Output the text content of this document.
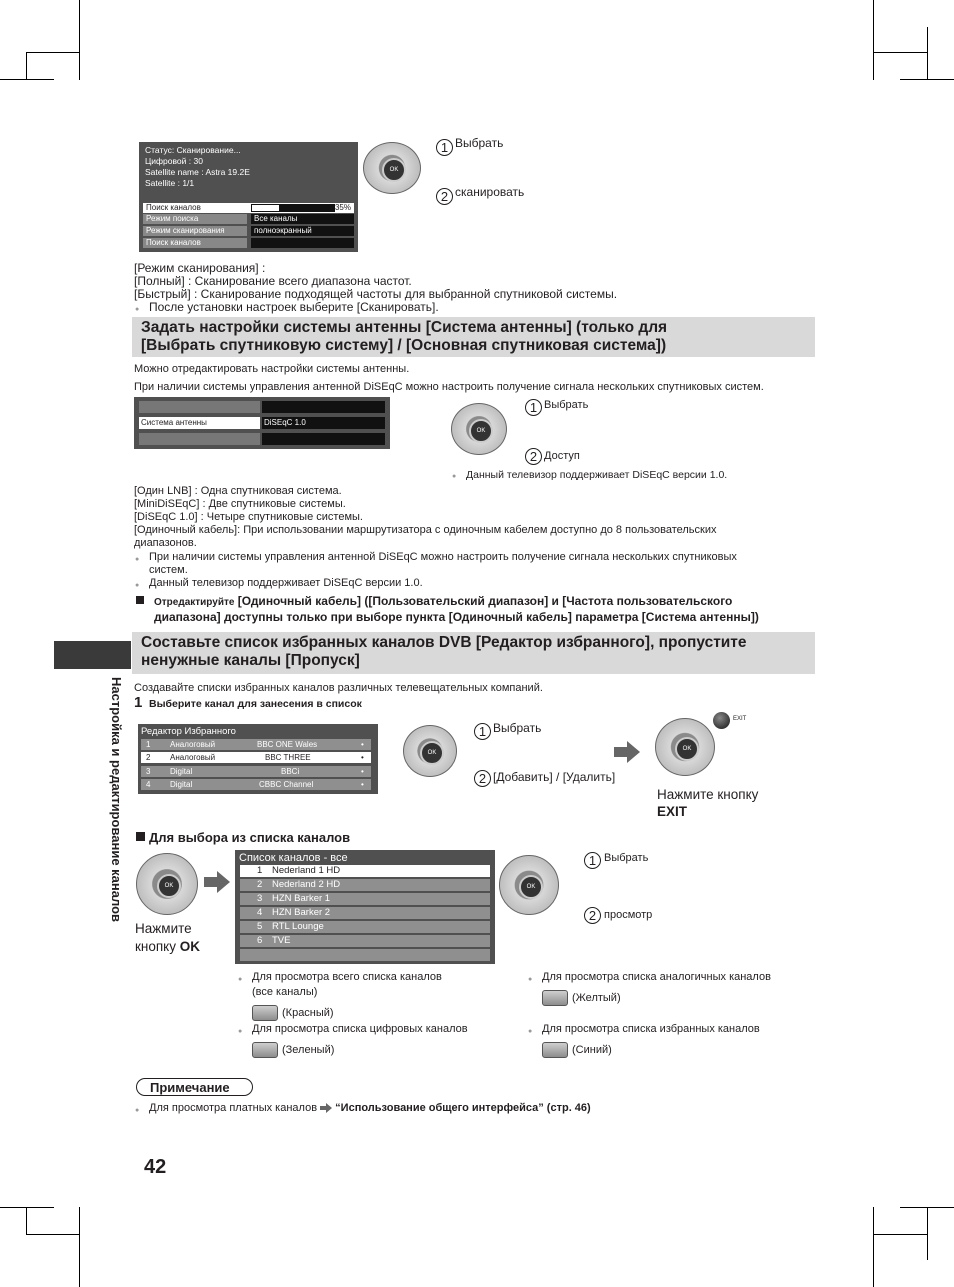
Настройка и редактирование каналов
Статус: Сканирование...
Цифровой : 30
Satellite name : Astra 19.2E
Satellite : 1/1
Поиск каналов	35%
Режим поиска	Все каналы
Режим сканирования	полноэкранный
Поиск каналов
OK
1 Выбрать
2 сканировать
[Режим сканирования] :
[Полный] : Сканирование всего диапазона частот.
[Быстрый] : Сканирование подходящей частоты для выбранной спутниковой системы.
● После установки настроек выберите [Сканировать].
Задать настройки системы антенны [Система антенны] (только для
[Выбрать спутниковую систему] / [Основная спутниковая система])
Можно отредактировать настройки системы антенны.
При наличии системы управления антенной DiSEqC можно настроить получение сигнала нескольких спутниковых систем.
Система антенны	DiSEqC 1.0
OK
1 Выбрать
2 Доступ
● Данный телевизор поддерживает DiSEqC версии 1.0.
[Один LNB] : Одна спутниковая система.
[MiniDiSEqC] : Две спутниковые системы.
[DiSEqC 1.0] : Четыре спутниковые системы.
[Одиночный кабель]: При использовании маршрутизатора с одиночным кабелем доступно до 8 пользовательских
диапазонов.
● При наличии системы управления антенной DiSEqC можно настроить получение сигнала нескольких спутниковых
систем.
● Данный телевизор поддерживает DiSEqC версии 1.0.
Отредактируйте [Одиночный кабель] ([Пользовательский диапазон] и [Частота пользовательского
диапазона] доступны только при выборе пункта [Одиночный кабель] параметра [Система антенны])
Составьте список избранных каналов DVB [Редактор избранного], пропустите
ненужные каналы [Пропуск]
Создавайте списки избранных каналов различных телевещательных компаний.
1 Выберите канал для занесения в список
Редактор Избранного
1 Аналоговый	BBC ONE Wales	•
2 Аналоговый	BBC THREE	•
3 Digital	BBCi	•
4 Digital	CBBC Channel	•
OK
1 Выбрать
2 [Добавить] / [Удалить]
OK
EXIT
Нажмите кнопку
EXIT
Для выбора из списка каналов
OK
Нажмите
кнопку OK
Список каналов - все
1 Nederland 1 HD
2 Nederland 2 HD
3 HZN Barker 1
4 HZN Barker 2
5 RTL Lounge
6 TVE
OK
1 Выбрать
2 просмотр
● Для просмотра всего списка каналов
(все каналы)
(Красный)
● Для просмотра списка цифровых каналов
(Зеленый)
● Для просмотра списка аналогичных каналов
(Желтый)
● Для просмотра списка избранных каналов
(Синий)
Примечание
● Для просмотра платных каналов “Использование общего интерфейса” (стр. 46)
42
